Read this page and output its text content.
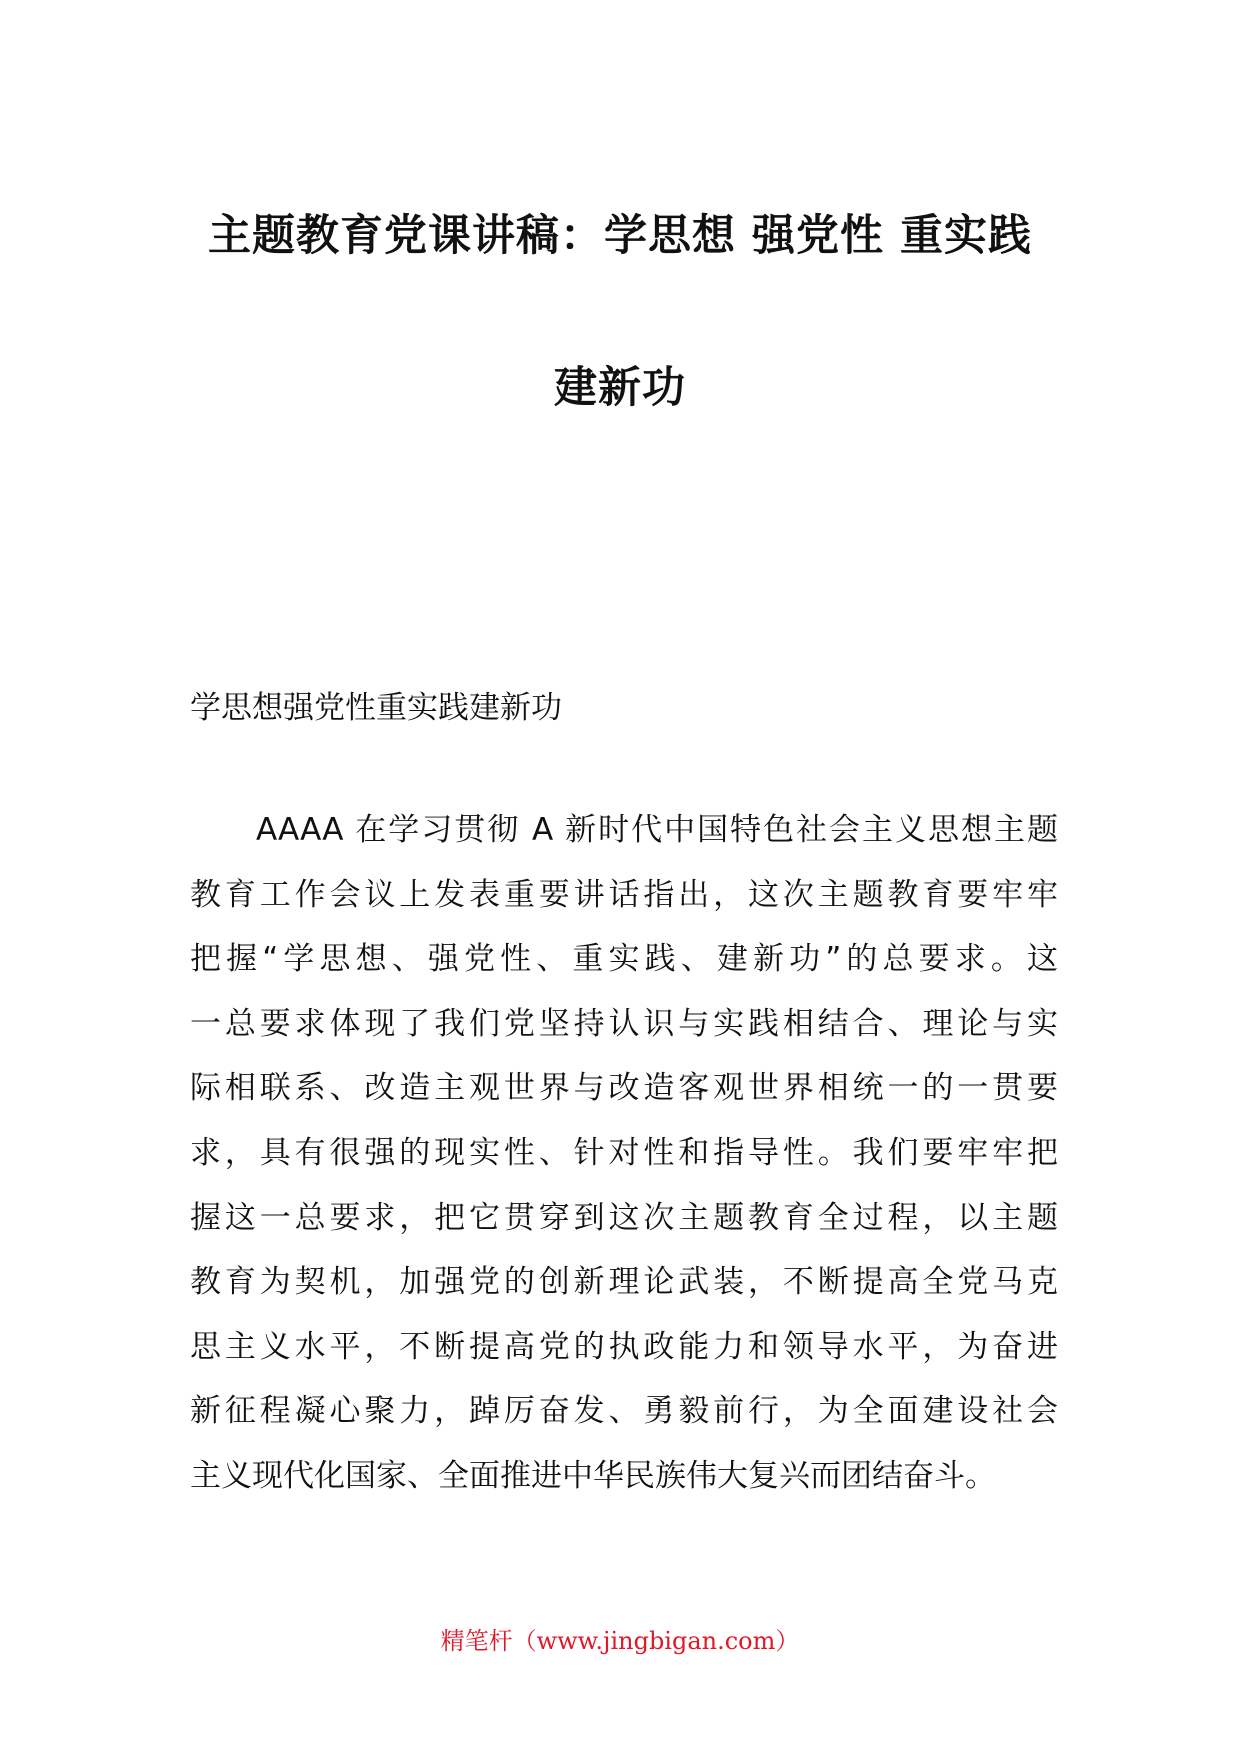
主题教育党课讲稿：学思想 强党性 重实践
建新功
学思想强党性重实践建新功
　　AAAA 在学习贯彻 A 新时代中国特色社会主义思想主题
教育工作会议上发表重要讲话指出，这次主题教育要牢牢
把握“学思想、强党性、重实践、建新功”的总要求。这
一总要求体现了我们党坚持认识与实践相结合、理论与实
际相联系、改造主观世界与改造客观世界相统一的一贯要
求，具有很强的现实性、针对性和指导性。我们要牢牢把
握这一总要求，把它贯穿到这次主题教育全过程，以主题
教育为契机，加强党的创新理论武装，不断提高全党马克
思主义水平，不断提高党的执政能力和领导水平，为奋进
新征程凝心聚力，踔厉奋发、勇毅前行，为全面建设社会
主义现代化国家、全面推进中华民族伟大复兴而团结奋斗。
精笔杆（www.jingbigan.com）
